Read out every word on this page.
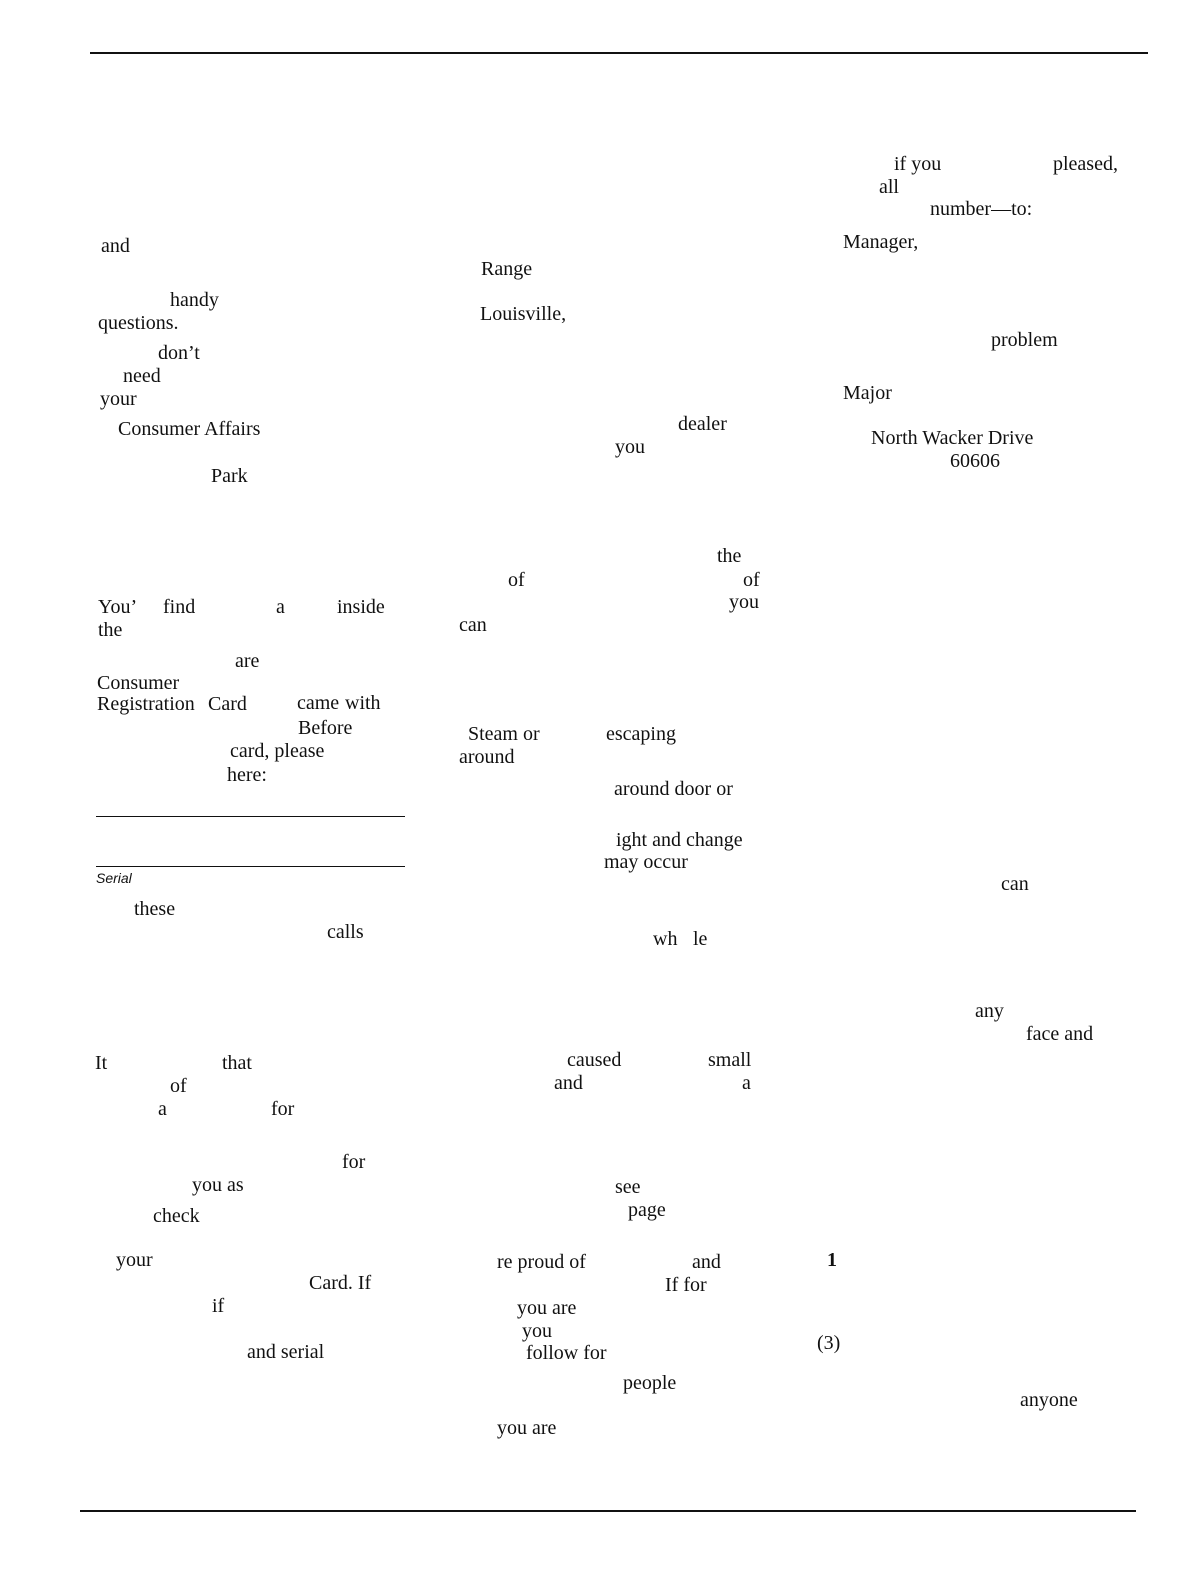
and
handy
questions.
don’t
need
your
Consumer Affairs
Park
You’ find	a	inside
the
are
Consumer
Registration Card	came with
Before
card, please
here:
Serial
these
calls
It	that
of
a	for
for
you as
check
your
Card. If
if
and serial
Range
Louisville,
dealer
you
the
of	of
you
can
Steam or	escaping
around
around door or
ight and change
may occur
wh le
caused	small
and	a
see
page
re proud of	and
If for
you are
you
follow for
people
you are
if you	pleased,
all
number—to:
Manager,
problem
Major
North Wacker Drive
60606
can
any
face and
1
(3)
anyone
